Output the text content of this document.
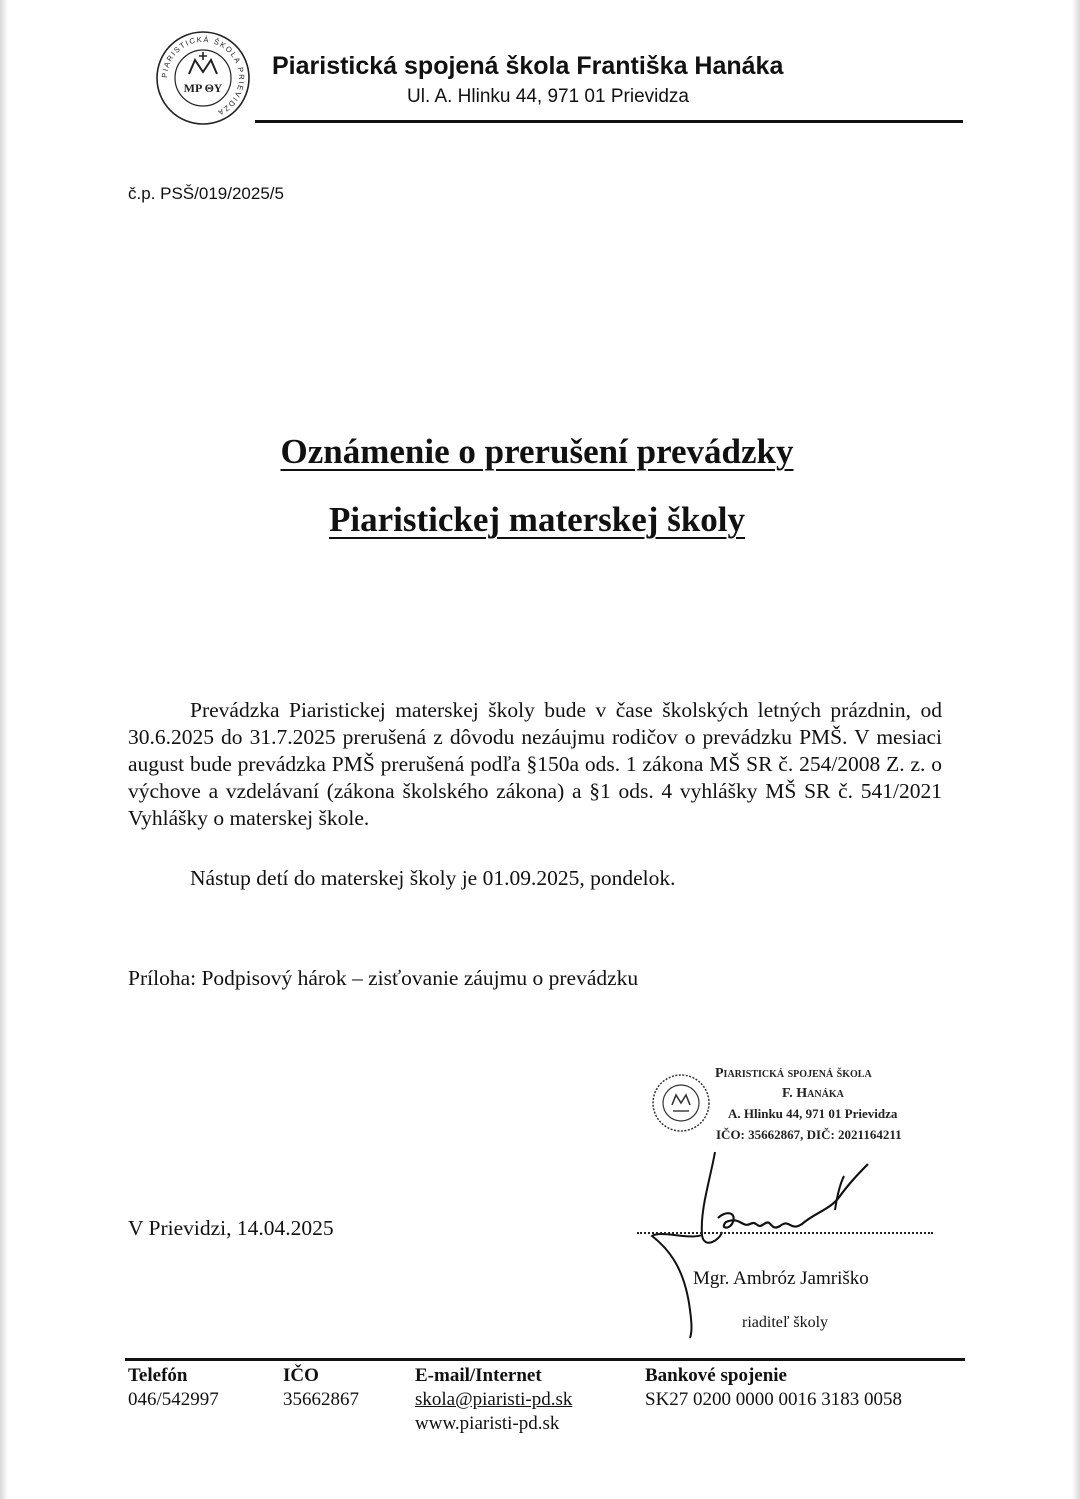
PIARISTICKÁ ŠKOLA PRIEVIDZA
MP ΘΥ
Piaristická spojená škola Františka Hanáka
Ul. A. Hlinku 44, 971 01 Prievidza
č.p. PSŠ/019/2025/5
Oznámenie o prerušení prevádzky
Piaristickej materskej školy
Prevádzka Piaristickej materskej školy bude v čase školských letných prázdnin, od 30.6.2025 do 31.7.2025 prerušená z dôvodu nezáujmu rodičov o prevádzku PMŠ. V mesiaci august bude prevádzka PMŠ prerušená podľa §150a ods. 1 zákona MŠ SR č. 254/2008 Z. z. o výchove a vzdelávaní (zákona školského zákona) a §1 ods. 4 vyhlášky MŠ SR č. 541/2021 Vyhlášky o materskej škole.
Nástup detí do materskej školy je 01.09.2025, pondelok.
Príloha: Podpisový hárok – zisťovanie záujmu o prevádzku
Piaristická spojená škola
F. Hanáka
A. Hlinku 44, 971 01 Prievidza
IČO: 35662867, DIČ: 2021164211
V Prievidzi, 14.04.2025
Mgr. Ambróz Jamriško
riaditeľ školy
Telefón
046/542997
IČO
35662867
E-mail/Internet
skola@piaristi-pd.sk
www.piaristi-pd.sk
Bankové spojenie
SK27 0200 0000 0016 3183 0058
